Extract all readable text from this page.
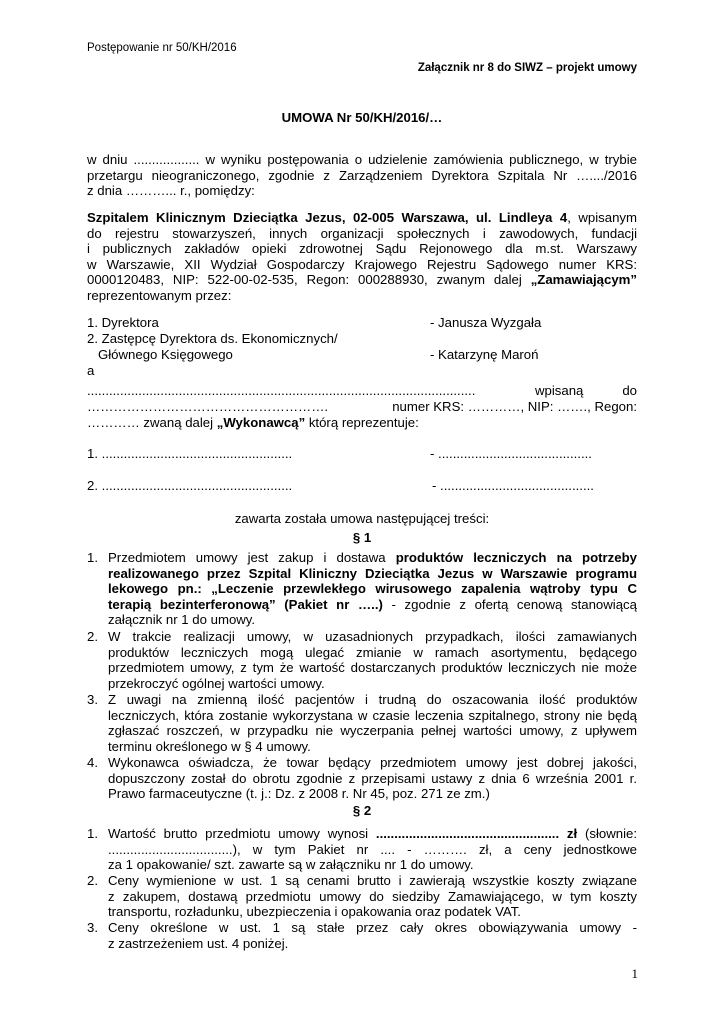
Postępowanie nr 50/KH/2016
Załącznik nr 8 do SIWZ – projekt umowy
UMOWA Nr 50/KH/2016/…
w dniu .................. w wyniku postępowania o udzielenie zamówienia publicznego, w trybie
przetargu nieograniczonego, zgodnie z Zarządzeniem Dyrektora Szpitala Nr …..../2016
z dnia ………... r., pomiędzy:
Szpitalem Klinicznym Dzieciątka Jezus, 02-005 Warszawa, ul. Lindleya 4, wpisanym
do rejestru stowarzyszeń, innych organizacji społecznych i zawodowych, fundacji
i publicznych zakładów opieki zdrowotnej Sądu Rejonowego dla m.st. Warszawy
w Warszawie, XII Wydział Gospodarczy Krajowego Rejestru Sądowego numer KRS:
0000120483, NIP: 522-00-02-535, Regon: 000288930, zwanym dalej „Zamawiającym”
reprezentowanym przez:
1. Dyrektora	- Janusza Wyzgała
2. Zastępcę Dyrektora ds. Ekonomicznych/
Głównego Księgowego	- Katarzynę Maroń
a
..........................................................................................................	wpisaną	do
……………………………………………….	numer KRS: …………, NIP: ……., Regon:
………… zwaną dalej „Wykonawcą” którą reprezentuje:
1. ....................................................	- ..........................................
2. ....................................................	- ..........................................
zawarta została umowa następującej treści:
§ 1
1. Przedmiotem umowy jest zakup i dostawa produktów leczniczych na potrzeby
realizowanego przez Szpital Kliniczny Dzieciątka Jezus w Warszawie programu
lekowego pn.: „Leczenie przewlekłego wirusowego zapalenia wątroby typu C
terapią bezinterferonową” (Pakiet nr …..) - zgodnie z ofertą cenową stanowiącą
załącznik nr 1 do umowy.
2. W trakcie realizacji umowy, w uzasadnionych przypadkach, ilości zamawianych
produktów leczniczych mogą ulegać zmianie w ramach asortymentu, będącego
przedmiotem umowy, z tym że wartość dostarczanych produktów leczniczych nie może
przekroczyć ogólnej wartości umowy.
3. Z uwagi na zmienną ilość pacjentów i trudną do oszacowania ilość produktów
leczniczych, która zostanie wykorzystana w czasie leczenia szpitalnego, strony nie będą
zgłaszać roszczeń, w przypadku nie wyczerpania pełnej wartości umowy, z upływem
terminu określonego w § 4 umowy.
4. Wykonawca oświadcza, że towar będący przedmiotem umowy jest dobrej jakości,
dopuszczony został do obrotu zgodnie z przepisami ustawy z dnia 6 września 2001 r.
Prawo farmaceutyczne (t. j.: Dz. z 2008 r. Nr 45, poz. 271 ze zm.)
§ 2
1. Wartość brutto przedmiotu umowy wynosi .................................................. zł (słownie:
..................................), w tym Pakiet nr .... - ………. zł, a ceny jednostkowe
za 1 opakowanie/ szt. zawarte są w załączniku nr 1 do umowy.
2. Ceny wymienione w ust. 1 są cenami brutto i zawierają wszystkie koszty związane
z zakupem, dostawą przedmiotu umowy do siedziby Zamawiającego, w tym koszty
transportu, rozładunku, ubezpieczenia i opakowania oraz podatek VAT.
3. Ceny określone w ust. 1 są stałe przez cały okres obowiązywania umowy -
z zastrzeżeniem ust. 4 poniżej.
1
